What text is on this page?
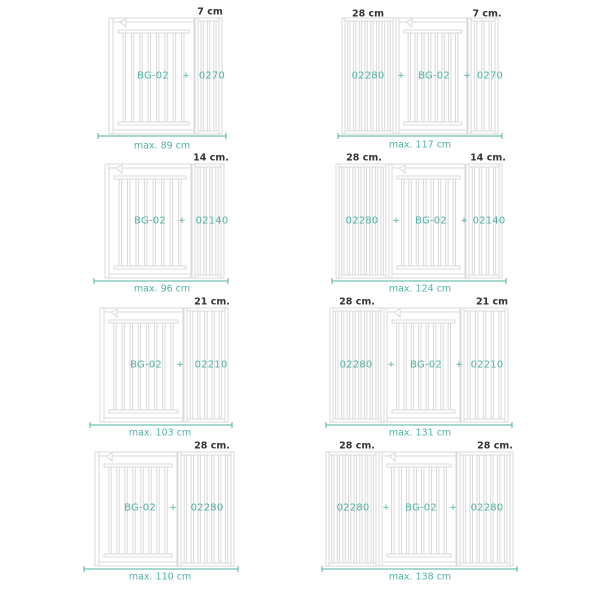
7 cm
BG-02 + 0270
max. 89 cm
28 cm	7 cm.
02280 + BG-02 + 0270
max. 117 cm
14 cm.
BG-02 + 02140
max. 96 cm
28 cm.	14 cm.
02280 + BG-02 + 02140
max. 124 cm
21 cm.
BG-02 + 02210
max. 103 cm
28 cm.	21 cm
02280 + BG-02 + 02210
max. 131 cm
28 cm.
BG-02 + 02280
max. 110 cm
28 cm.	28 cm.
02280 + BG-02 + 02280
max. 138 cm
